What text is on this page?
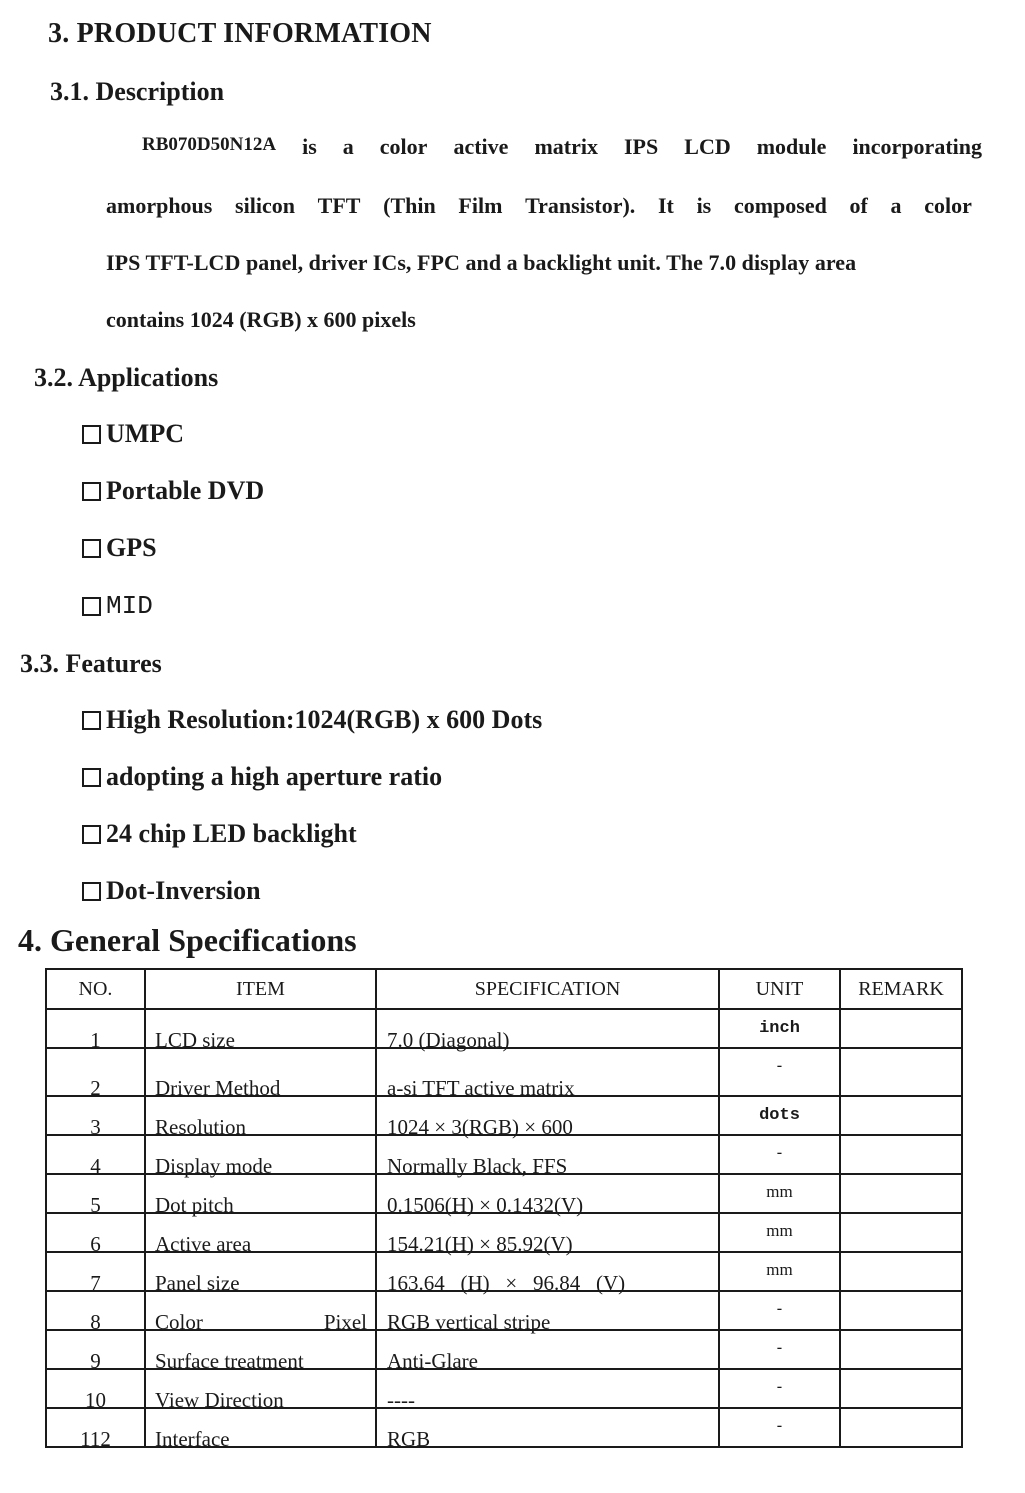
3. PRODUCT INFORMATION
3.1. Description
RB070D50N12A is a color active matrix IPS LCD module incorporating
amorphous silicon TFT (Thin Film Transistor). It is composed of a color
IPS TFT-LCD panel, driver ICs, FPC and a backlight unit. The 7.0 display area
contains 1024 (RGB) x 600 pixels
3.2. Applications
UMPC
Portable DVD
GPS
MID
3.3. Features
High Resolution:1024(RGB) x 600 Dots
adopting a high aperture ratio
24 chip LED backlight
Dot-Inversion
4. General Specifications
NO.	ITEM	SPECIFICATION	UNIT	REMARK

1	LCD size	7.0 (Diagonal)	inch	

2	Driver Method	a-si TFT active matrix	-	

3	Resolution	1024 × 3(RGB) × 600	dots	

4	Display mode	Normally Black, FFS	-	

5	Dot pitch	0.1506(H) × 0.1432(V)	mm	

6	Active area	154.21(H) × 85.92(V)	mm	

7	Panel size	163.64   (H)   ×   96.84   (V)	mm	

8	Color Pixel	RGB vertical stripe	-	

9	Surface treatment	Anti-Glare	-	

10	View Direction	----	-	

112	Interface	RGB	-	
